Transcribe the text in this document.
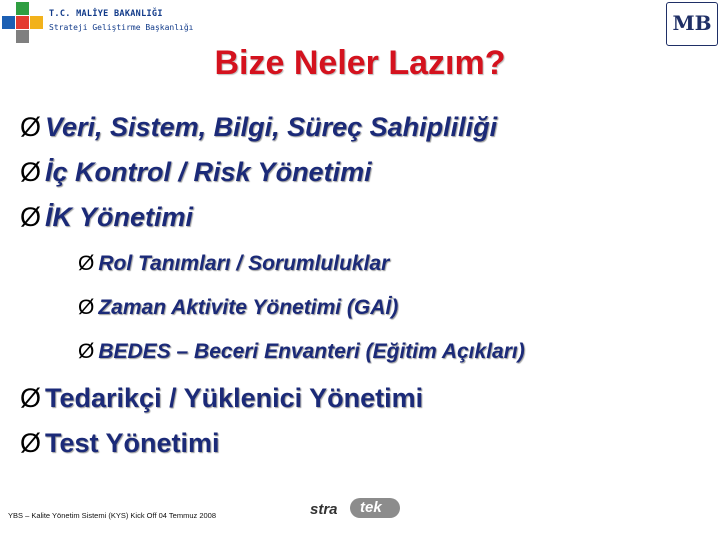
T.C. MALİYE BAKANLIĞI
Strateji Geliştirme Başkanlığı	MB
Bize Neler Lazım?
Ø Veri, Sistem, Bilgi, Süreç Sahipliliği
Ø İç Kontrol / Risk Yönetimi
Ø İK Yönetimi
Ø Rol Tanımları / Sorumluluklar
Ø Zaman Aktivite Yönetimi (GAİ)
Ø BEDES – Beceri Envanteri (Eğitim Açıkları)
Ø Tedarikçi / Yüklenici Yönetimi
Ø Test Yönetimi
YBS – Kalite Yönetim Sistemi (KYS) Kick Off 04 Temmuz 2008	stra tek
